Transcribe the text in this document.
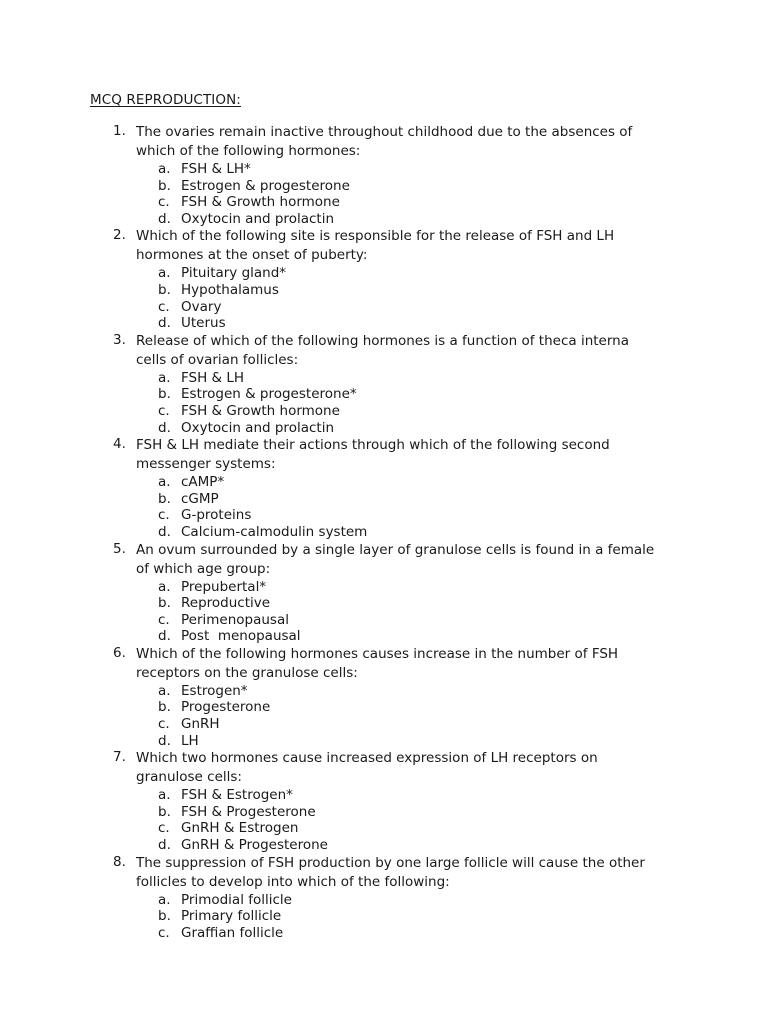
MCQ REPRODUCTION:
1. The ovaries remain inactive throughout childhood due to the absences of which of the following hormones:
a. FSH & LH*
b. Estrogen & progesterone
c. FSH & Growth hormone
d. Oxytocin and prolactin
2. Which of the following site is responsible for the release of FSH and LH hormones at the onset of puberty:
a. Pituitary gland*
b. Hypothalamus
c. Ovary
d. Uterus
3. Release of which of the following hormones is a function of theca interna cells of ovarian follicles:
a. FSH & LH
b. Estrogen & progesterone*
c. FSH & Growth hormone
d. Oxytocin and prolactin
4. FSH & LH mediate their actions through which of the following second messenger systems:
a. cAMP*
b. cGMP
c. G-proteins
d. Calcium-calmodulin system
5. An ovum surrounded by a single layer of granulose cells is found in a female of which age group:
a. Prepubertal*
b. Reproductive
c. Perimenopausal
d. Post  menopausal
6. Which of the following hormones causes increase in the number of FSH receptors on the granulose cells:
a. Estrogen*
b. Progesterone
c. GnRH
d. LH
7. Which two hormones cause increased expression of LH receptors on granulose cells:
a. FSH & Estrogen*
b. FSH & Progesterone
c. GnRH & Estrogen
d. GnRH & Progesterone
8. The suppression of FSH production by one large follicle will cause the other follicles to develop into which of the following:
a. Primodial follicle
b. Primary follicle
c. Graffian follicle
